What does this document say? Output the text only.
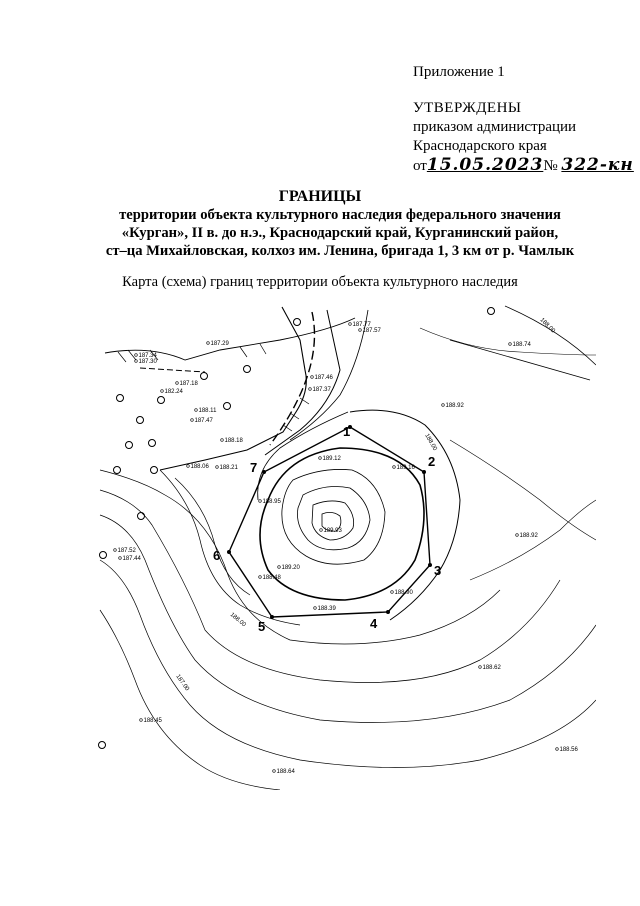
Приложение 1
УТВЕРЖДЕНЫ
приказом администрации
Краснодарского края
от15.05.2023№ 322-кн
ГРАНИЦЫ
территории объекта культурного наследия федерального значения
«Курган», II в. до н.э., Краснодарский край, Курганинский район,
ст–ца Михайловская, колхоз им. Ленина, бригада 1, 3 км от р. Чамлык
Карта (схема) границ территории объекта культурного наследия
1
2
3
4
5
6
7
187.29
187.77
187.57
187.34
187.30
187.18
182.24
187.46
187.37
188.11
187.47
188.18
188.74
188.92
189.12
189.16
188.06 188.21
188.95
189.93
188.92
187.52
187.44
189.20
188.48
188.90
188.39
188.62
188.45
188.56
188.64
188.00
188.00
188.00
187.00
